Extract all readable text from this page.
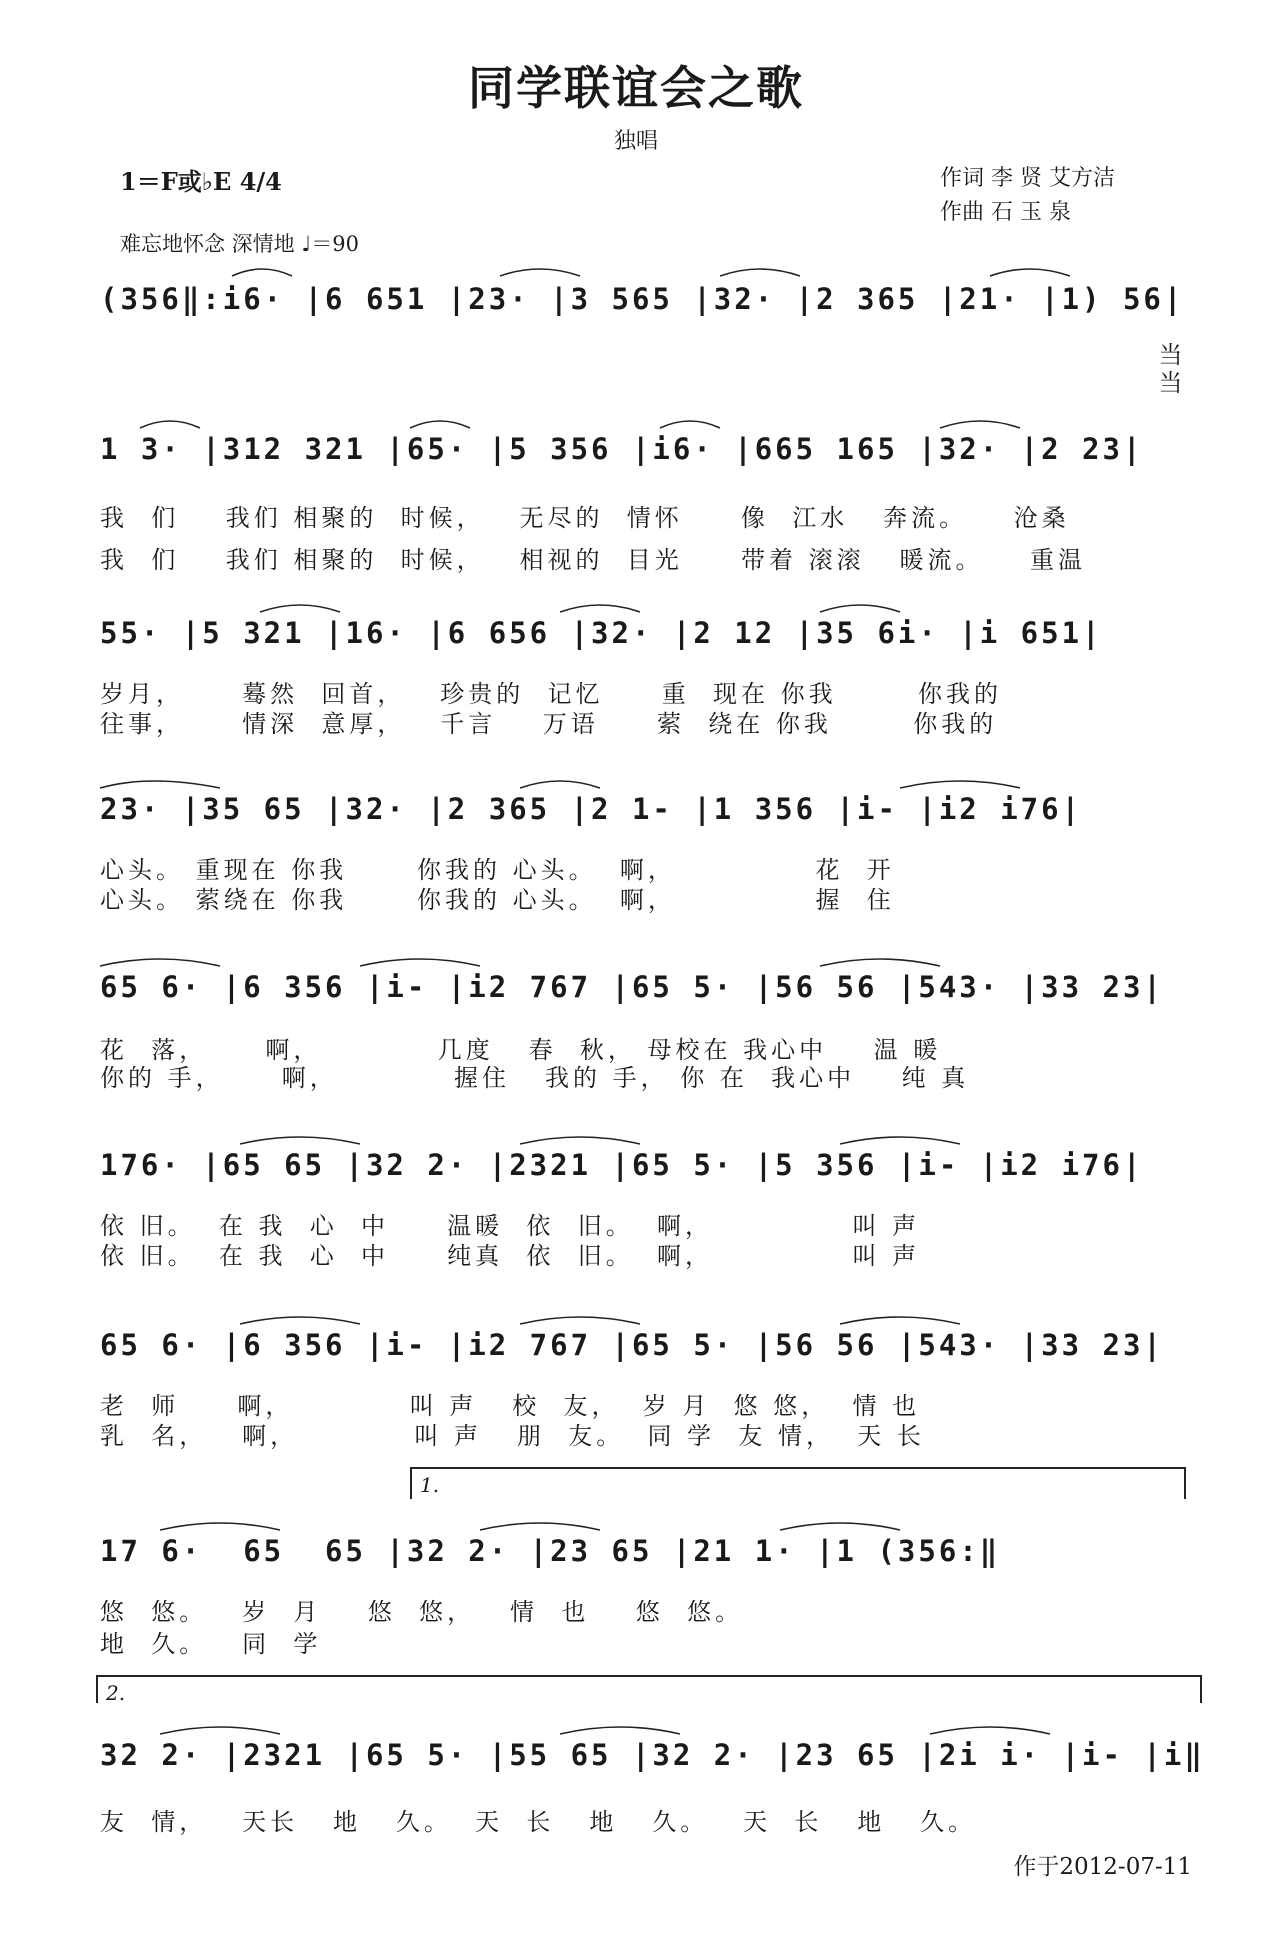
同学联谊会之歌
独唱
1＝F或♭E 4/4	作词 李 贤 艾方洁
作曲 石 玉 泉
难忘地怀念 深情地 ♩＝90
(356‖:i6· |6 651 |23· |3 565 |32· |2 365 |21· |1) 56|
当当
1 3· |312 321 |65· |5 356 |i6· |665 165 |32· |2 23|
我  们    我们 相聚的  时候，   无尽的  情怀     像  江水   奔流。    沧桑
我  们    我们 相聚的  时候，   相视的  目光     带着 滚滚   暖流。    重温
55· |5 321 |16· |6 656 |32· |2 12 |35 6i· |i 651|
岁月，     蓦然  回首，   珍贵的  记忆     重  现在 你我       你我的
往事，     情深  意厚，   千言    万语     萦  绕在 你我       你我的
23· |35 65 |32· |2 365 |2 1- |1 356 |i- |i2 i76|
心头。 重现在 你我      你我的 心头。  啊，            花  开
心头。 萦绕在 你我      你我的 心头。  啊，            握  住
65 6· |6 356 |i- |i2 767 |65 5· |56 56 |543· |33 23|
花  落，     啊，          几度   春  秋， 母校在 我心中    温 暖
你的 手，     啊，          握住   我的 手， 你 在  我心中    纯 真
176· |65 65 |32 2· |2321 |65 5· |5 356 |i- |i2 i76|
依 旧。  在 我  心  中     温暖  依  旧。  啊，            叫 声
依 旧。  在 我  心  中     纯真  依  旧。  啊，            叫 声
65 6· |6 356 |i- |i2 767 |65 5· |56 56 |543· |33 23|
老  师     啊，          叫 声   校  友，  岁 月  悠 悠，  情 也
乳  名，   啊，          叫 声   朋  友。  同 学  友 情，  天 长
1.
17 6·  65  65 |32 2· |23 65 |21 1· |1 (356:‖
悠  悠。   岁  月    悠  悠，   情  也    悠  悠。
地  久。   同  学
2.
32 2· |2321 |65 5· |55 65 |32 2· |23 65 |2i i· |i- |i‖
友  情，   天长   地   久。  天  长   地   久。   天  长   地   久。
作于2012-07-11
